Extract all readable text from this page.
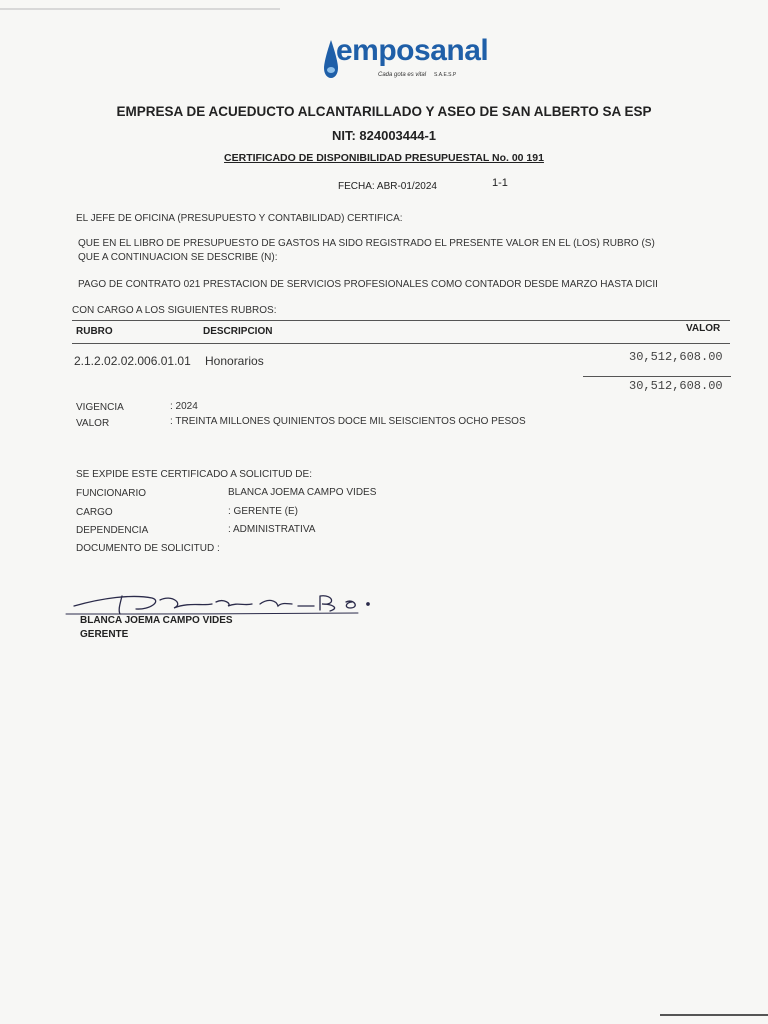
emposanal
Cada gota es vital S.A.E.S.P
EMPRESA DE ACUEDUCTO ALCANTARILLADO Y ASEO DE SAN ALBERTO SA ESP
NIT: 824003444-1
CERTIFICADO DE DISPONIBILIDAD PRESUPUESTAL No. 00 191
FECHA: ABR-01/2024	1-1
EL JEFE DE OFICINA (PRESUPUESTO Y CONTABILIDAD) CERTIFICA:
QUE EN EL LIBRO DE PRESUPUESTO DE GASTOS HA SIDO REGISTRADO EL PRESENTE VALOR EN EL (LOS) RUBRO (S)
QUE A CONTINUACION SE DESCRIBE (N):
PAGO DE CONTRATO 021 PRESTACION DE SERVICIOS PROFESIONALES COMO CONTADOR DESDE MARZO HASTA DICII
CON CARGO A LOS SIGUIENTES RUBROS:
RUBRO	DESCRIPCION	VALOR
2.1.2.02.02.006.01.01 Honorarios	30,512,608.00
30,512,608.00
VIGENCIA	: 2024
VALOR	: TREINTA MILLONES QUINIENTOS DOCE MIL SEISCIENTOS OCHO PESOS
SE EXPIDE ESTE CERTIFICADO A SOLICITUD DE:
FUNCIONARIO	BLANCA JOEMA CAMPO VIDES
CARGO	: GERENTE (E)
DEPENDENCIA	: ADMINISTRATIVA
DOCUMENTO DE SOLICITUD :
BLANCA JOEMA CAMPO VIDES
GERENTE
